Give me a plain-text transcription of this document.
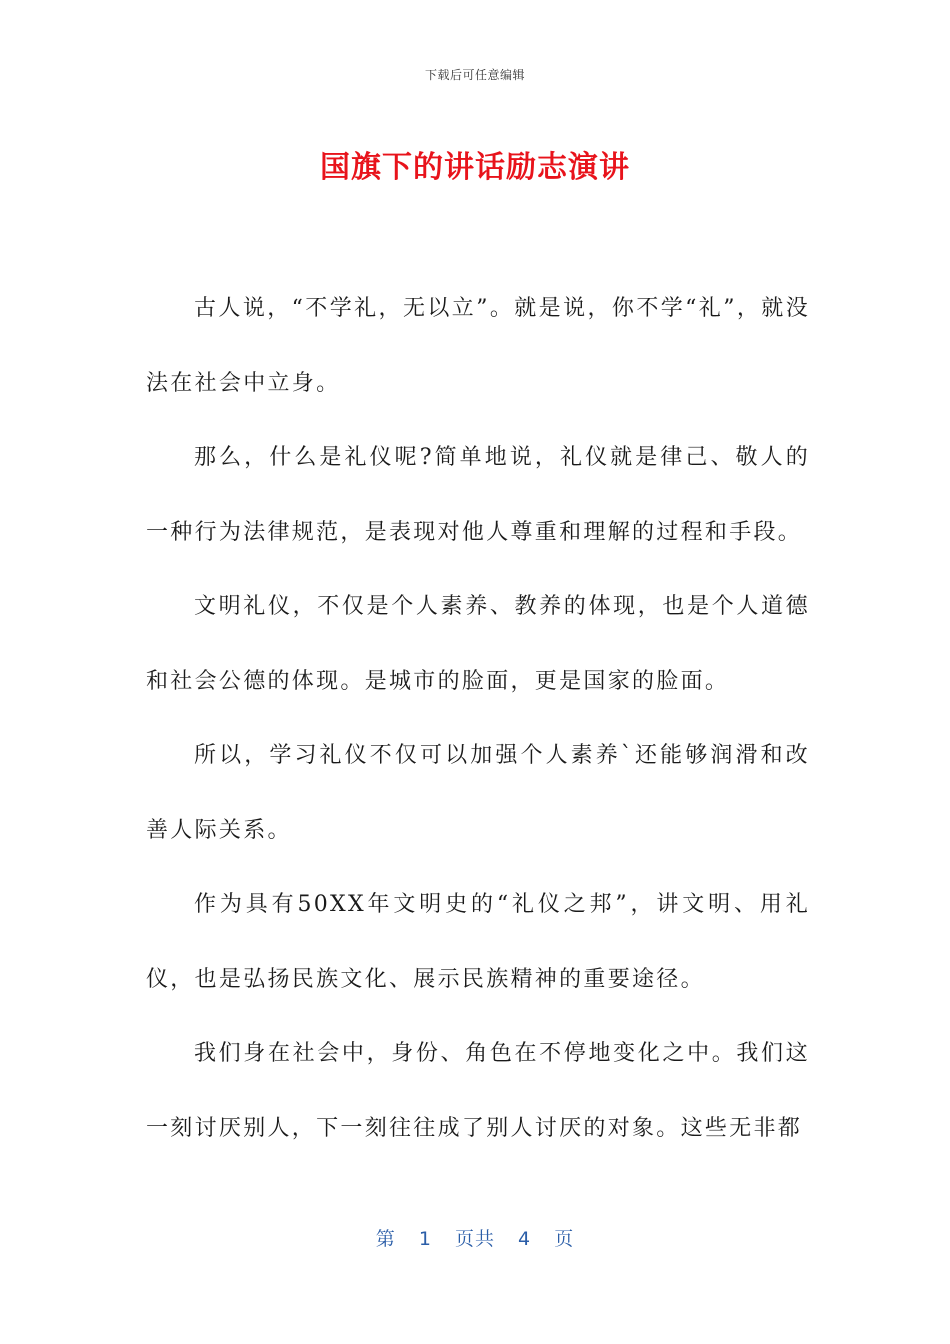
下载后可任意编辑
国旗下的讲话励志演讲

古人说，“不学礼，无以立”。就是说，你不学“礼”，就没法在社会中立身。

那么，什么是礼仪呢?简单地说，礼仪就是律己、敬人的一种行为法律规范，是表现对他人尊重和理解的过程和手段。

文明礼仪，不仅是个人素养、教养的体现，也是个人道德和社会公德的体现。是城市的脸面，更是国家的脸面。

所以，学习礼仪不仅可以加强个人素养`还能够润滑和改善人际关系。

作为具有50XX年文明史的“礼仪之邦”，讲文明、用礼仪，也是弘扬民族文化、展示民族精神的重要途径。

我们身在社会中，身份、角色在不停地变化之中。我们这一刻讨厌别人，下一刻往往成了别人讨厌的对象。这些无非都

第 1 页共 4 页
